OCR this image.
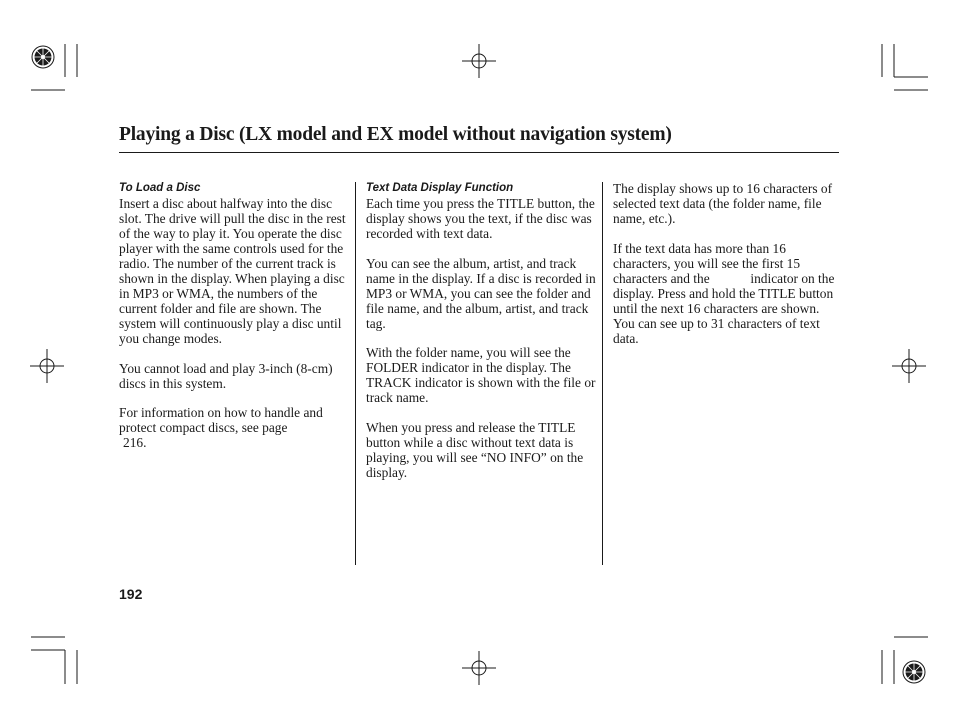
Playing a Disc (LX model and EX model without navigation system)
To Load a Disc

Insert a disc about halfway into the disc slot. The drive will pull the disc in the rest of the way to play it. You operate the disc player with the same controls used for the radio. The number of the current track is shown in the display. When playing a disc in MP3 or WMA, the numbers of the current folder and file are shown. The system will continuously play a disc until you change modes.

You cannot load and play 3-inch (8-cm) discs in this system.

For information on how to handle and protect compact discs, see page
216.

Text Data Display Function

Each time you press the TITLE button, the display shows you the text, if the disc was recorded with text data.

You can see the album, artist, and track name in the display. If a disc is recorded in MP3 or WMA, you can see the folder and file name, and the album, artist, and track tag.

With the folder name, you will see the FOLDER indicator in the display. The TRACK indicator is shown with the file or track name.

When you press and release the TITLE button while a disc without text data is playing, you will see “NO INFO” on the display.

The display shows up to 16 characters of selected text data (the folder name, file name, etc.).

If the text data has more than 16 characters, you will see the first 15 characters and the	indicator on the display. Press and hold the TITLE button until the next 16 characters are shown. You can see up to 31 characters of text data.

192
